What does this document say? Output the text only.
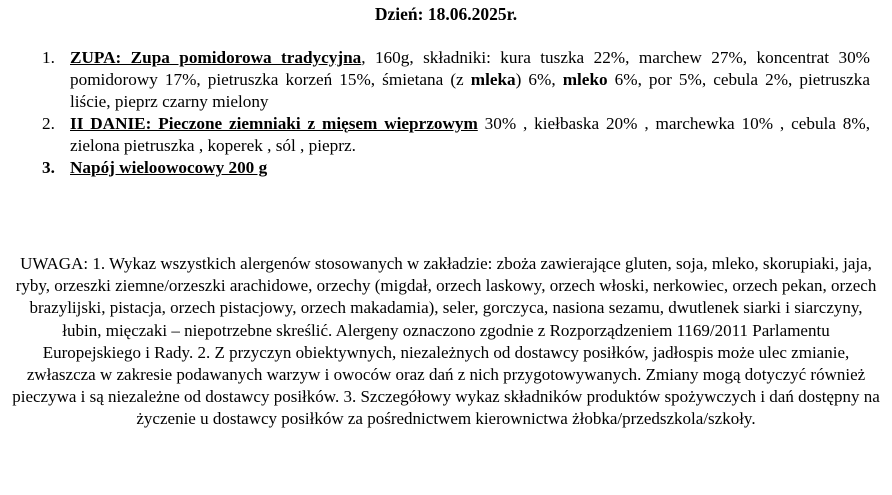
Dzień: 18.06.2025r.
1. ZUPA: Zupa pomidorowa tradycyjna, 160g, składniki: kura tuszka 22%, marchew 27%, koncentrat 30% pomidorowy 17%, pietruszka korzeń 15%, śmietana (z mleka) 6%, mleko 6%, por 5%, cebula 2%, pietruszka liście, pieprz czarny mielony
2. II DANIE: Pieczone ziemniaki z mięsem wieprzowym 30% , kiełbaska 20% , marchewka 10% , cebula 8%, zielona pietruszka , koperek , sól , pieprz.
3. Napój wieloowocowy 200 g
UWAGA: 1. Wykaz wszystkich alergenów stosowanych w zakładzie: zboża zawierające gluten, soja, mleko, skorupiaki, jaja, ryby, orzeszki ziemne/orzeszki arachidowe, orzechy (migdał, orzech laskowy, orzech włoski, nerkowiec, orzech pekan, orzech brazylijski, pistacja, orzech pistacjowy, orzech makadamia), seler, gorczyca, nasiona sezamu, dwutlenek siarki i siarczyny, łubin, mięczaki – niepotrzebne skreślić. Alergeny oznaczono zgodnie z Rozporządzeniem 1169/2011 Parlamentu Europejskiego i Rady. 2. Z przyczyn obiektywnych, niezależnych od dostawcy posiłków, jadłospis może ulec zmianie, zwłaszcza w zakresie podawanych warzyw i owoców oraz dań z nich przygotowywanych. Zmiany mogą dotyczyć również pieczywa i są niezależne od dostawcy posiłków. 3. Szczegółowy wykaz składników produktów spożywczych i dań dostępny na życzenie u dostawcy posiłków za pośrednictwem kierownictwa żłobka/przedszkola/szkoły.
